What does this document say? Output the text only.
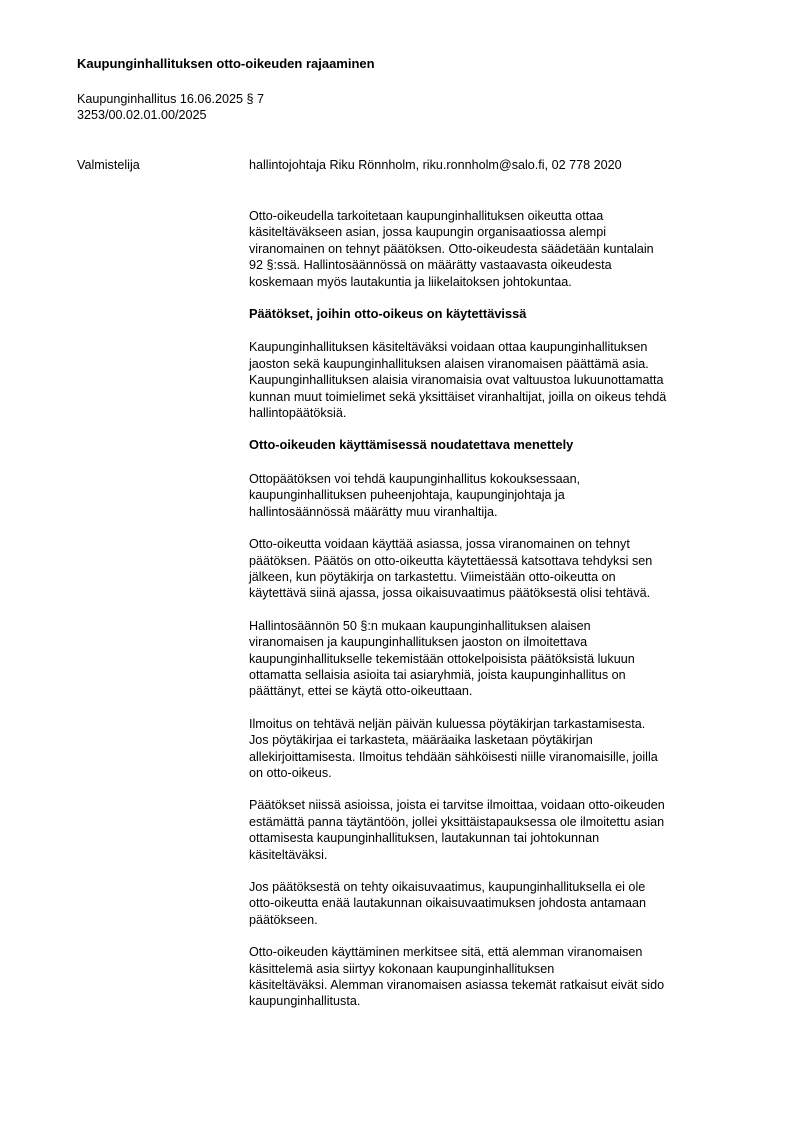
Kaupunginhallituksen otto-oikeuden rajaaminen
Kaupunginhallitus 16.06.2025 § 7
3253/00.02.01.00/2025
Valmistelija	hallintojohtaja Riku Rönnholm, riku.ronnholm@salo.fi, 02 778 2020
Otto-oikeudella tarkoitetaan kaupunginhallituksen oikeutta ottaa
käsiteltäväkseen asian, jossa kaupungin organisaatiossa alempi
viranomainen on tehnyt päätöksen. Otto-oikeudesta säädetään kuntalain
92 §:ssä. Hallintosäännössä on määrätty vastaavasta oikeudesta
koskemaan myös lautakuntia ja liikelaitoksen johtokuntaa.
Päätökset, joihin otto-oikeus on käytettävissä
Kaupunginhallituksen käsiteltäväksi voidaan ottaa kaupunginhallituksen
jaoston sekä kaupunginhallituksen alaisen viranomaisen päättämä asia.
Kaupunginhallituksen alaisia viranomaisia ovat valtuustoa lukuunottamatta
kunnan muut toimielimet sekä yksittäiset viranhaltijat, joilla on oikeus tehdä
hallintopäätöksiä.
Otto-oikeuden käyttämisessä noudatettava menettely
Ottopäätöksen voi tehdä kaupunginhallitus kokouksessaan,
kaupunginhallituksen puheenjohtaja, kaupunginjohtaja ja
hallintosäännössä määrätty muu viranhaltija.
Otto-oikeutta voidaan käyttää asiassa, jossa viranomainen on tehnyt
päätöksen. Päätös on otto-oikeutta käytettäessä katsottava tehdyksi sen
jälkeen, kun pöytäkirja on tarkastettu. Viimeistään otto-oikeutta on
käytettävä siinä ajassa, jossa oikaisuvaatimus päätöksestä olisi tehtävä.
Hallintosäännön 50 §:n mukaan kaupunginhallituksen alaisen
viranomaisen ja kaupunginhallituksen jaoston on ilmoitettava
kaupunginhallitukselle tekemistään ottokelpoisista päätöksistä lukuun
ottamatta sellaisia asioita tai asiaryhmiä, joista kaupunginhallitus on
päättänyt, ettei se käytä otto-oikeuttaan.
Ilmoitus on tehtävä neljän päivän kuluessa pöytäkirjan tarkastamisesta.
Jos pöytäkirjaa ei tarkasteta, määräaika lasketaan pöytäkirjan
allekirjoittamisesta. Ilmoitus tehdään sähköisesti niille viranomaisille, joilla
on otto-oikeus.
Päätökset niissä asioissa, joista ei tarvitse ilmoittaa, voidaan otto-oikeuden
estämättä panna täytäntöön, jollei yksittäistapauksessa ole ilmoitettu asian
ottamisesta kaupunginhallituksen, lautakunnan tai johtokunnan
käsiteltäväksi.
Jos päätöksestä on tehty oikaisuvaatimus, kaupunginhallituksella ei ole
otto-oikeutta enää lautakunnan oikaisuvaatimuksen johdosta antamaan
päätökseen.
Otto-oikeuden käyttäminen merkitsee sitä, että alemman viranomaisen
käsittelemä asia siirtyy kokonaan kaupunginhallituksen
käsiteltäväksi. Alemman viranomaisen asiassa tekemät ratkaisut eivät sido
kaupunginhallitusta.
